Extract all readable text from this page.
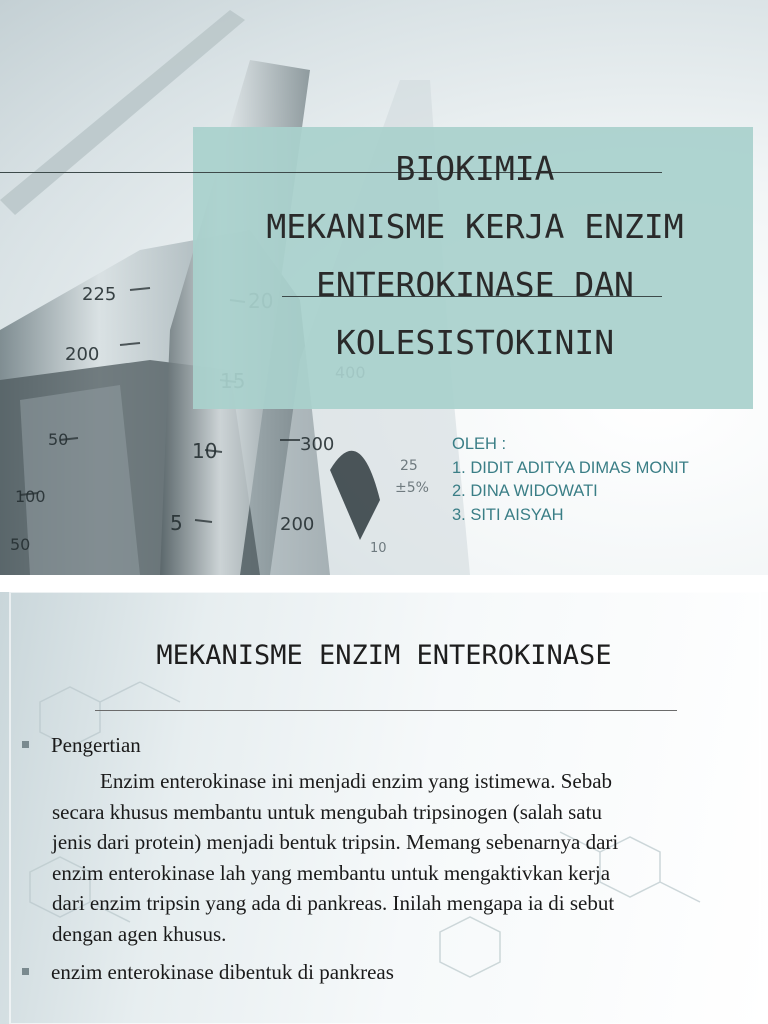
225
200
50
100
50
10
5
300
200
25
±5%
10
BIOKIMIA
MEKANISME KERJA ENZIM
ENTEROKINASE DAN
KOLESISTOKININ
OLEH :
1. DIDIT ADITYA DIMAS MONIT
2. DINA WIDOWATI
3. SITI AISYAH
MEKANISME ENZIM ENTEROKINASE
Pengertian
Enzim enterokinase ini menjadi enzim yang istimewa. Sebab
secara khusus membantu untuk mengubah tripsinogen (salah satu
jenis dari protein) menjadi bentuk tripsin. Memang sebenarnya dari
enzim enterokinase lah yang membantu untuk mengaktivkan kerja
dari enzim tripsin yang ada di pankreas. Inilah mengapa ia di sebut
dengan agen khusus.
enzim enterokinase dibentuk di pankreas
